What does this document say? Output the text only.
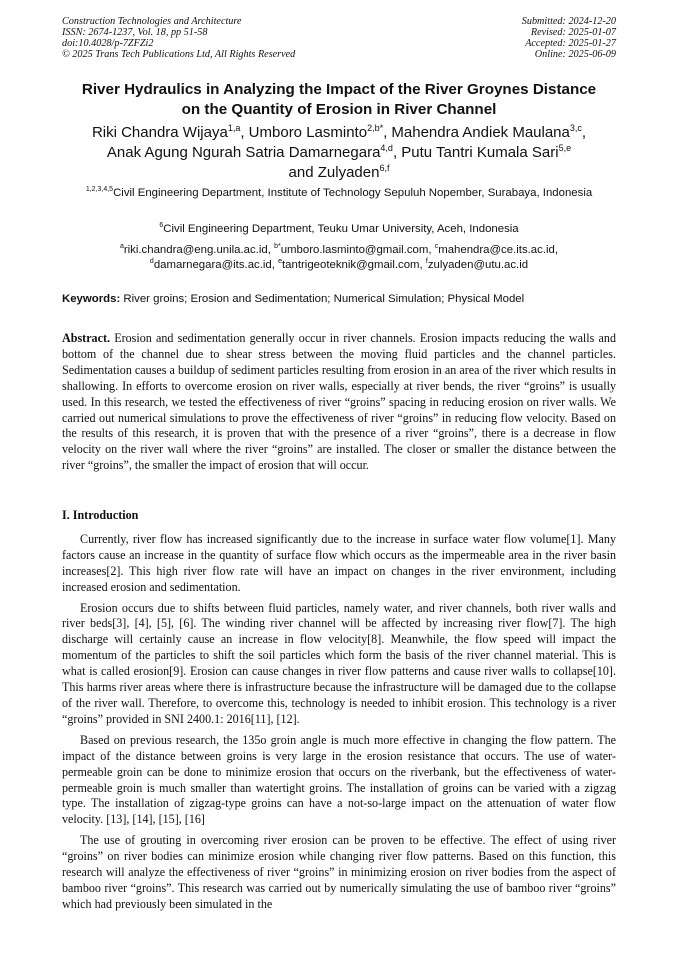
Construction Technologies and Architecture
ISSN: 2674-1237, Vol. 18, pp 51-58
doi:10.4028/p-7ZFZi2
© 2025 Trans Tech Publications Ltd, All Rights Reserved
Submitted: 2024-12-20
Revised: 2025-01-07
Accepted: 2025-01-27
Online: 2025-06-09
River Hydraulics in Analyzing the Impact of the River Groynes Distance
on the Quantity of Erosion in River Channel
Riki Chandra Wijaya$^{1,a}$, Umboro Lasminto$^{2,b*}$, Mahendra Andiek Maulana$^{3,c}$,
Anak Agung Ngurah Satria Damarnegara$^{4,d}$, Putu Tantri Kumala Sari$^{5,e}$
and Zulyaden$^{6,f}$
$^{1,2,3,4,5}$Civil Engineering Department, Institute of Technology Sepuluh Nopember, Surabaya, Indonesia
$^6$Civil Engineering Department, Teuku Umar University, Aceh, Indonesia
$^a$riki.chandra@eng.unila.ac.id, $^{b*}$umboro.lasminto@gmail.com, $^c$mahendra@ce.its.ac.id,
$^d$damarnegara@its.ac.id, $^e$tantrigeoteknik@gmail.com, $^f$zulyaden@utu.ac.id
Keywords: River groins; Erosion and Sedimentation; Numerical Simulation; Physical Model

Abstract. Erosion and sedimentation generally occur in river channels. Erosion impacts reducing the walls and bottom of the channel due to shear stress between the moving fluid particles and the channel particles. Sedimentation causes a buildup of sediment particles resulting from erosion in an area of the river which results in shallowing. In efforts to overcome erosion on river walls, especially at river bends, the river “groins” is usually used. In this research, we tested the effectiveness of river “groins” spacing in reducing erosion on river walls. We carried out numerical simulations to prove the effectiveness of river “groins” in reducing flow velocity. Based on the results of this research, it is proven that with the presence of a river “groins”, there is a decrease in flow velocity on the river wall where the river “groins” are installed. The closer or smaller the distance between the river “groins”, the smaller the impact of erosion that will occur.

I. Introduction

Currently, river flow has increased significantly due to the increase in surface water flow volume[1]. Many factors cause an increase in the quantity of surface flow which occurs as the impermeable area in the river basin increases[2]. This high river flow rate will have an impact on changes in the river environment, including increased erosion and sedimentation.

Erosion occurs due to shifts between fluid particles, namely water, and river channels, both river walls and river beds[3], [4], [5], [6]. The winding river channel will be affected by increasing river flow[7]. The high discharge will certainly cause an increase in flow velocity[8]. Meanwhile, the flow speed will impact the momentum of the particles to shift the soil particles which form the basis of the river channel material. This is what is called erosion[9]. Erosion can cause changes in river flow patterns and cause river walls to collapse[10]. This harms river areas where there is infrastructure because the infrastructure will be damaged due to the collapse of the river wall. Therefore, to overcome this, technology is needed to inhibit erosion. This technology is a river “groins” provided in SNI 2400.1: 2016[11], [12].

Based on previous research, the 135o groin angle is much more effective in changing the flow pattern. The impact of the distance between groins is very large in the erosion resistance that occurs. The use of water-permeable groin can be done to minimize erosion that occurs on the riverbank, but the effectiveness of water-permeable groin is much smaller than watertight groins. The installation of groins can be varied with a zigzag type. The installation of zigzag-type groins can have a not-so-large impact on the attenuation of water flow velocity. [13], [14], [15], [16]

The use of grouting in overcoming river erosion can be proven to be effective. The effect of using river “groins” on river bodies can minimize erosion while changing river flow patterns. Based on this function, this research will analyze the effectiveness of river “groins” in minimizing erosion on river bodies from the aspect of bamboo river “groins”. This research was carried out by numerically simulating the use of bamboo river “groins” which had previously been simulated in the
